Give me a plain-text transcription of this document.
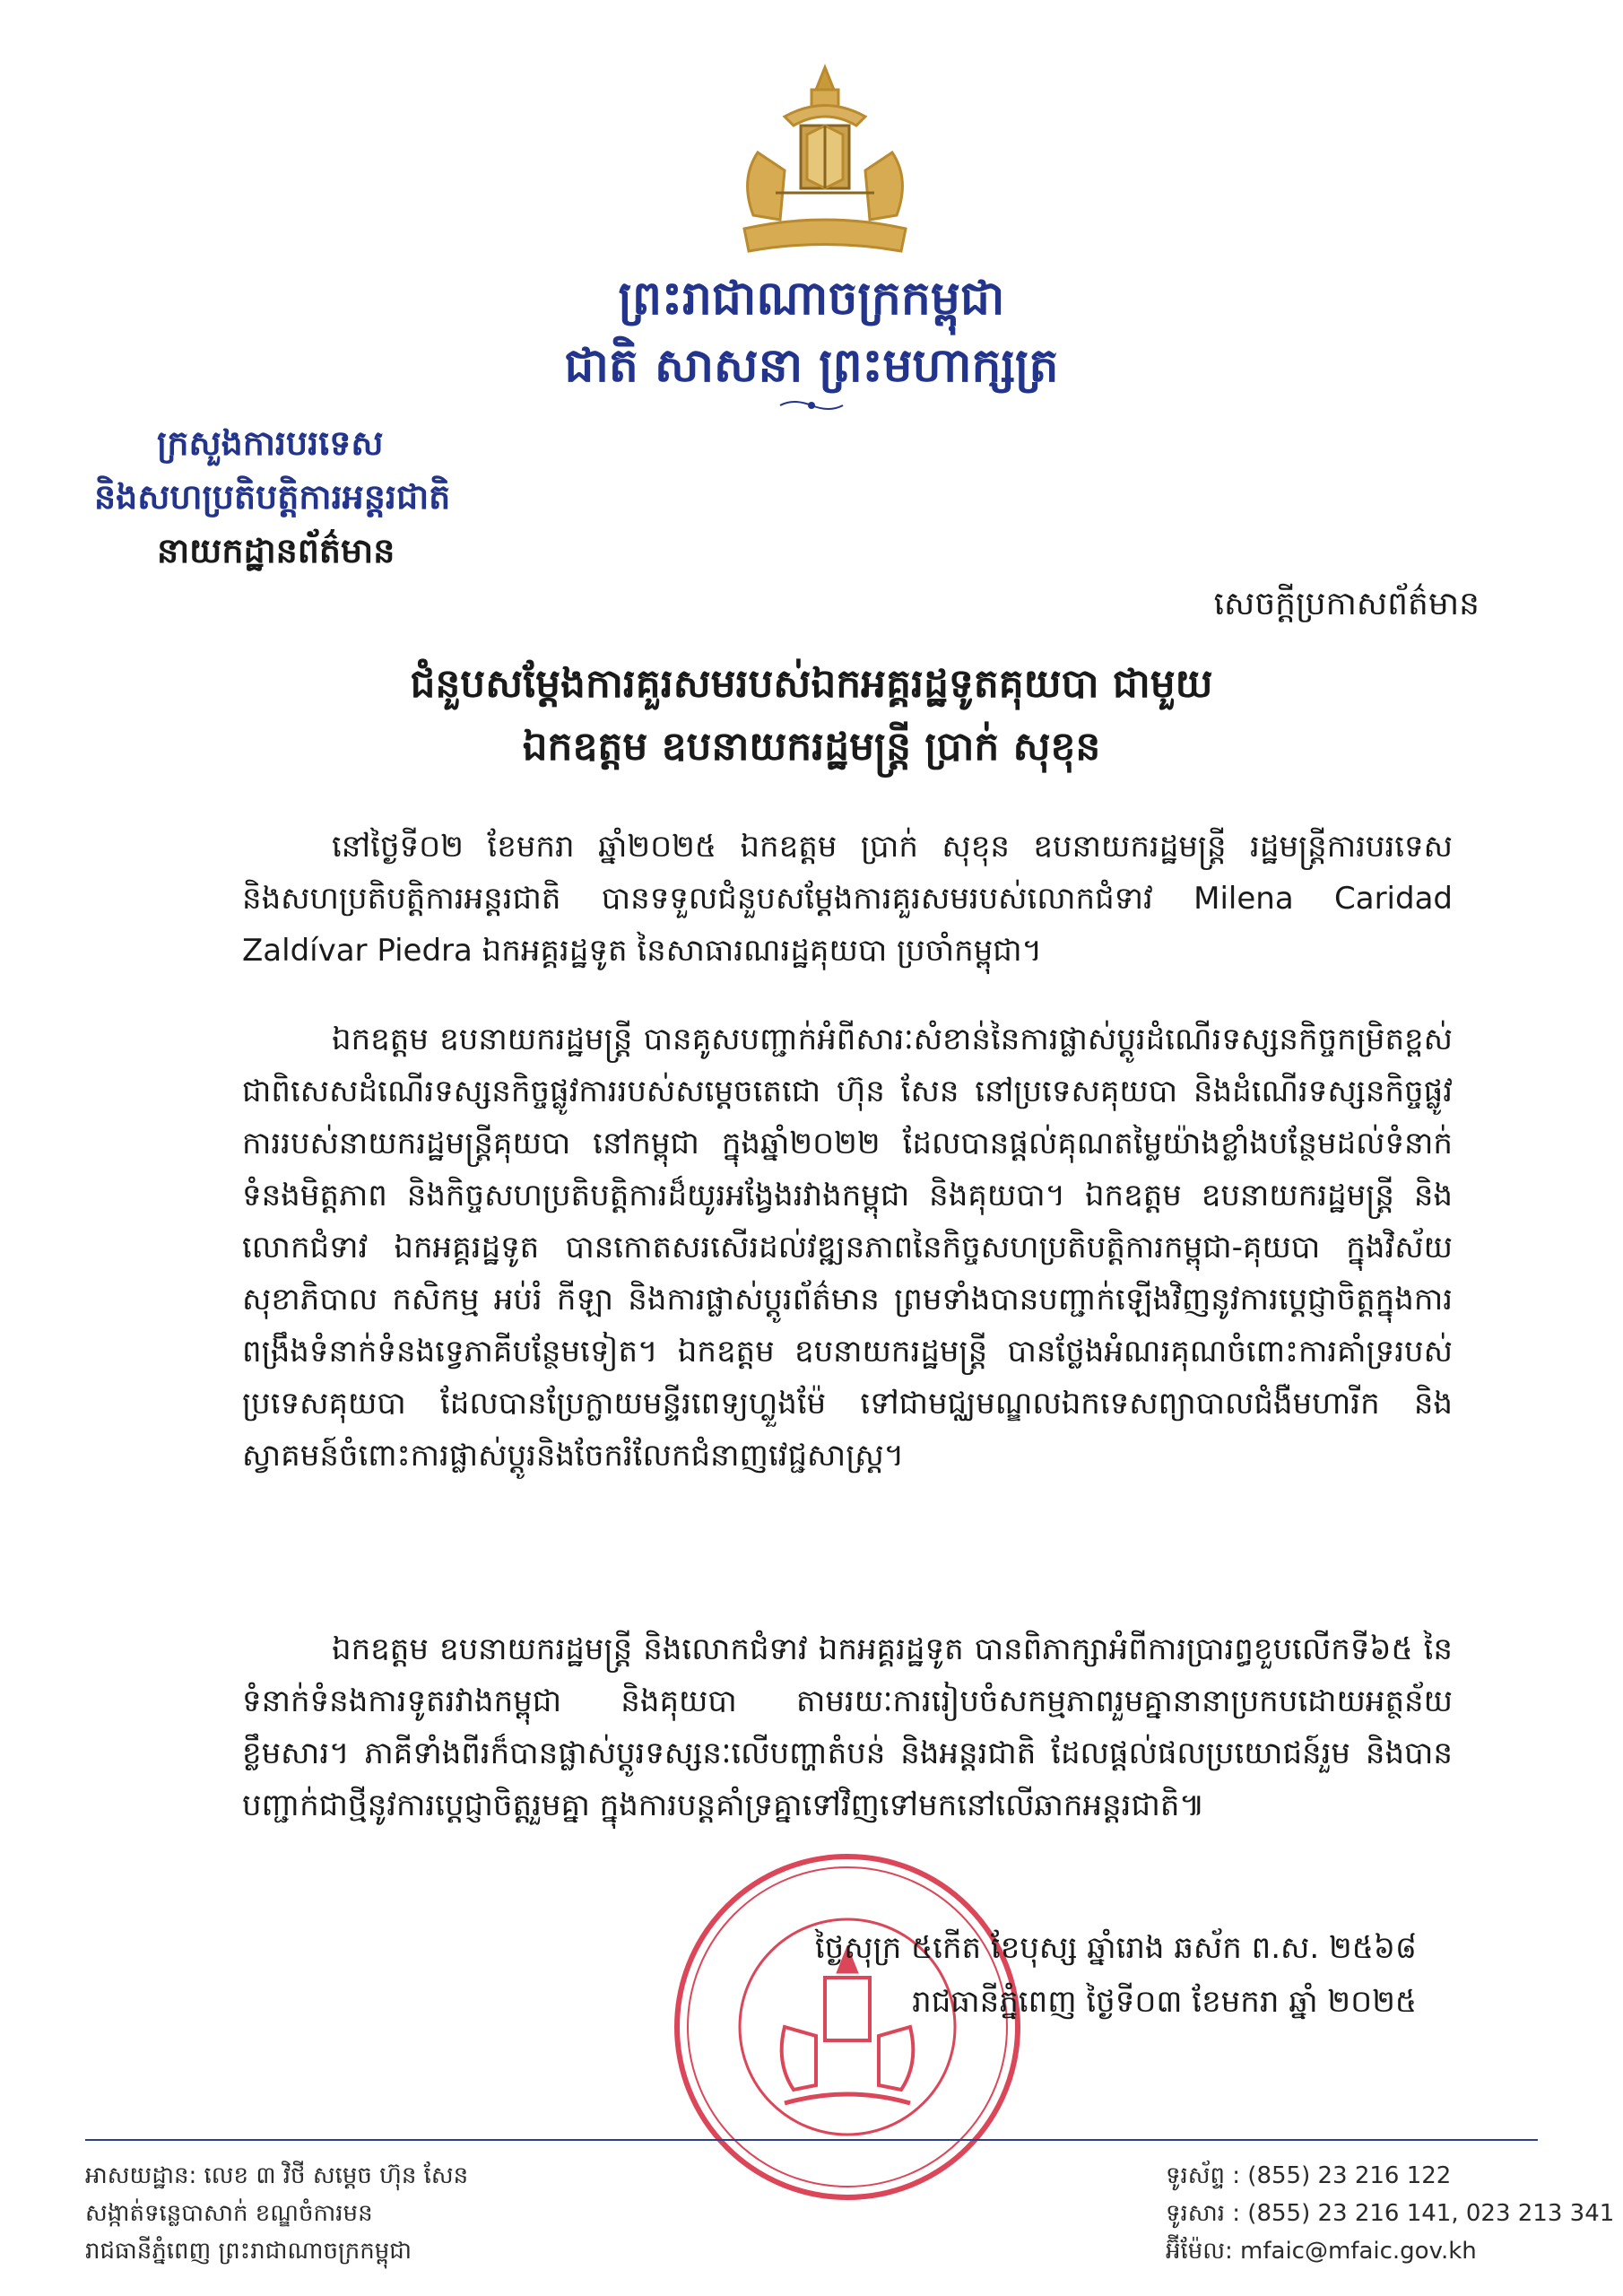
ព្រះរាជាណាចក្រកម្ពុជា
ជាតិ សាសនា ព្រះមហាក្សត្រ
ក្រសួងការបរទេស
និងសហប្រតិបត្តិការអន្តរជាតិ
នាយកដ្ឋានព័ត៌មាន
សេចក្តីប្រកាសព័ត៌មាន
ជំនួបសម្តែងការគួរសមរបស់ឯកអគ្គរដ្ឋទូតគុយបា ជាមួយ
ឯកឧត្តម ឧបនាយករដ្ឋមន្ត្រី ប្រាក់ សុខុន
នៅថ្ងៃទី០២ ខែមករា ឆ្នាំ២០២៥ ឯកឧត្តម ប្រាក់ សុខុន ឧបនាយករដ្ឋមន្ត្រី រដ្ឋមន្ត្រីការបរទេស និងសហប្រតិបត្តិការអន្តរជាតិ បានទទួលជំនួបសម្តែងការគួរសមរបស់លោកជំទាវ Milena Caridad Zaldívar Piedra ឯកអគ្គរដ្ឋទូត នៃសាធារណរដ្ឋគុយបា ប្រចាំកម្ពុជា។
ឯកឧត្តម ឧបនាយករដ្ឋមន្ត្រី បានគូសបញ្ជាក់អំពីសារៈសំខាន់នៃការផ្លាស់ប្តូរដំណើរទស្សនកិច្ចកម្រិតខ្ពស់ ជាពិសេសដំណើរទស្សនកិច្ចផ្លូវការរបស់សម្តេចតេជោ ហ៊ុន សែន នៅប្រទេសគុយបា និងដំណើរទស្សនកិច្ចផ្លូវការរបស់នាយករដ្ឋមន្ត្រីគុយបា នៅកម្ពុជា ក្នុងឆ្នាំ២០២២ ដែលបានផ្តល់គុណតម្លៃយ៉ាងខ្លាំងបន្ថែមដល់ទំនាក់ទំនងមិត្តភាព និងកិច្ចសហប្រតិបត្តិការដ៏យូរអង្វែងរវាងកម្ពុជា និងគុយបា។ ឯកឧត្តម ឧបនាយករដ្ឋមន្ត្រី និងលោកជំទាវ ឯកអគ្គរដ្ឋទូត បានកោតសរសើរដល់វឌ្ឍនភាពនៃកិច្ចសហប្រតិបត្តិការកម្ពុជា-គុយបា ក្នុងវិស័យសុខាភិបាល កសិកម្ម អប់រំ កីឡា និងការផ្លាស់ប្តូរព័ត៌មាន ព្រមទាំងបានបញ្ជាក់ឡើងវិញនូវការប្តេជ្ញាចិត្តក្នុងការពង្រឹងទំនាក់ទំនងទ្វេភាគីបន្ថែមទៀត។ ឯកឧត្តម ឧបនាយករដ្ឋមន្ត្រី បានថ្លែងអំណរគុណចំពោះការគាំទ្ររបស់ប្រទេសគុយបា ដែលបានប្រែក្លាយមន្ទីរពេទ្យហ្លួងម៉ែ ទៅជាមជ្ឈមណ្ឌលឯកទេសព្យាបាលជំងឺមហារីក និងស្វាគមន៍ចំពោះការផ្លាស់ប្តូរនិងចែករំលែកជំនាញវេជ្ជសាស្ត្រ។
ឯកឧត្តម ឧបនាយករដ្ឋមន្ត្រី និងលោកជំទាវ ឯកអគ្គរដ្ឋទូត បានពិភាក្សាអំពីការប្រារព្ធខួបលើកទី៦៥ នៃទំនាក់ទំនងការទូតរវាងកម្ពុជា និងគុយបា តាមរយៈការរៀបចំសកម្មភាពរួមគ្នានានាប្រកបដោយអត្ថន័យខ្លឹមសារ។ ភាគីទាំងពីរក៏បានផ្លាស់ប្តូរទស្សនៈលើបញ្ហាតំបន់ និងអន្តរជាតិ ដែលផ្តល់ផលប្រយោជន៍រួម និងបានបញ្ជាក់ជាថ្មីនូវការប្តេជ្ញាចិត្តរួមគ្នា ក្នុងការបន្តគាំទ្រគ្នាទៅវិញទៅមកនៅលើឆាកអន្តរជាតិ៕
ថ្ងៃសុក្រ ៥កើត ខែបុស្ស ឆ្នាំរោង ឆស័ក ព.ស. ២៥៦៨
រាជធានីភ្នំពេញ ថ្ងៃទី០៣ ខែមករា ឆ្នាំ ២០២៥
អាសយដ្ឋាន: លេខ ៣ វិថី សម្តេច ហ៊ុន សែន
សង្កាត់ទន្លេបាសាក់ ខណ្ឌចំការមន
រាជធានីភ្នំពេញ ព្រះរាជាណាចក្រកម្ពុជា
ទូរស័ព្ទ : (855) 23 216 122
ទូរសារ : (855) 23 216 141, 023 213 341
អ៊ីម៉ែល: mfaic@mfaic.gov.kh
